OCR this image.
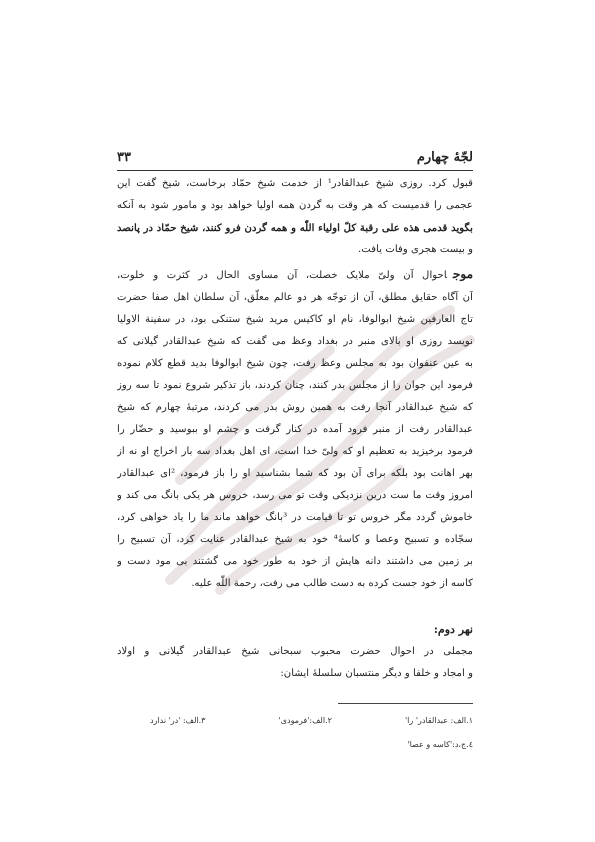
لجّهٔ چهارم
۳۳
قبول کرد. روزی شیخ عبدالقادر¹ از خدمت شیخ حمّاد برخاست، شیخ گفت این
عجمی را قدمیست که هر وقت به گردن همه اولیا خواهد بود و مامور شود به آنکه
بگوید قدمی هذه علی رقبة کلّ اولیاء اللّٰه و همه گردن فرو کنند، شیخ حمّاد در پانصد
و بیست هجری وفات یافت.
موجاحوال آن ولیّ ملایک خصلت، آن مساوی الحال در کثرت و خلوت،
آن آگاه حقایق مطلق، آن از توجّه هر دو عالم معلّق، آن سلطان اهل صفا حضرت
تاج العارفین شیخ ابوالوفا، نام او کاکیس مرید شیخ ستنکی بود، در سفینة الاولیا
نویسد روزی او بالای منبر در بغداد وعظ می گفت که شیخ عبدالقادر گیلانی که
به عین عنفوان بود به مجلس وعظ رفت، چون شیخ ابوالوفا بدید قطع کلام نموده
فرمود این جوان را از مجلس بدر کنند، چنان کردند، باز تذکیر شروع نمود تا سه روز
که شیخ عبدالقادر آنجا رفت به همین روش بدر می کردند، مرتبهٔ چهارم که شیخ
عبدالقادر رفت از منبر فرود آمده در کنار گرفت و چشم او ببوسید و حضّار را
فرمود برخیزید به تعظیم او که ولیّ خدا است، ای اهل بغداد سه بار اخراج او نه از
بهر اهانت بود بلکه برای آن بود که شما بشناسید او را باز فرمود، ²ای عبدالقادر
امروز وقت ما ست درین نزدیکی وقت تو می رسد، خروس هر یکی بانگ می کند و
خاموش گردد مگر خروس تو تا قیامت در ³بانگ خواهد ماند ما را یاد خواهی کرد،
سجّاده و تسبیح وعصا و کاسهٔ⁴ خود به شیخ عبدالقادر عنایت کرد، آن تسبیح را
بر زمین می داشتند دانه هایش از خود به طور خود می گشتند بی مود دست و
کاسه از خود جست کرده به دست طالب می رفت، رحمة اللّٰه علیه.
نهر دوم:
مجملی در احوال حضرت محبوب سبحانی شیخ عبدالقادر گیلانی و اولاد
و امجاد و خلفا و دیگر منتسبان سلسلهٔ ایشان:
۱.الف: عبدالقادر' را'
۲.الف:'فرمودی'
۳.الف: 'در' ندارد
٤.ج،د:'کاسه و عصا'
